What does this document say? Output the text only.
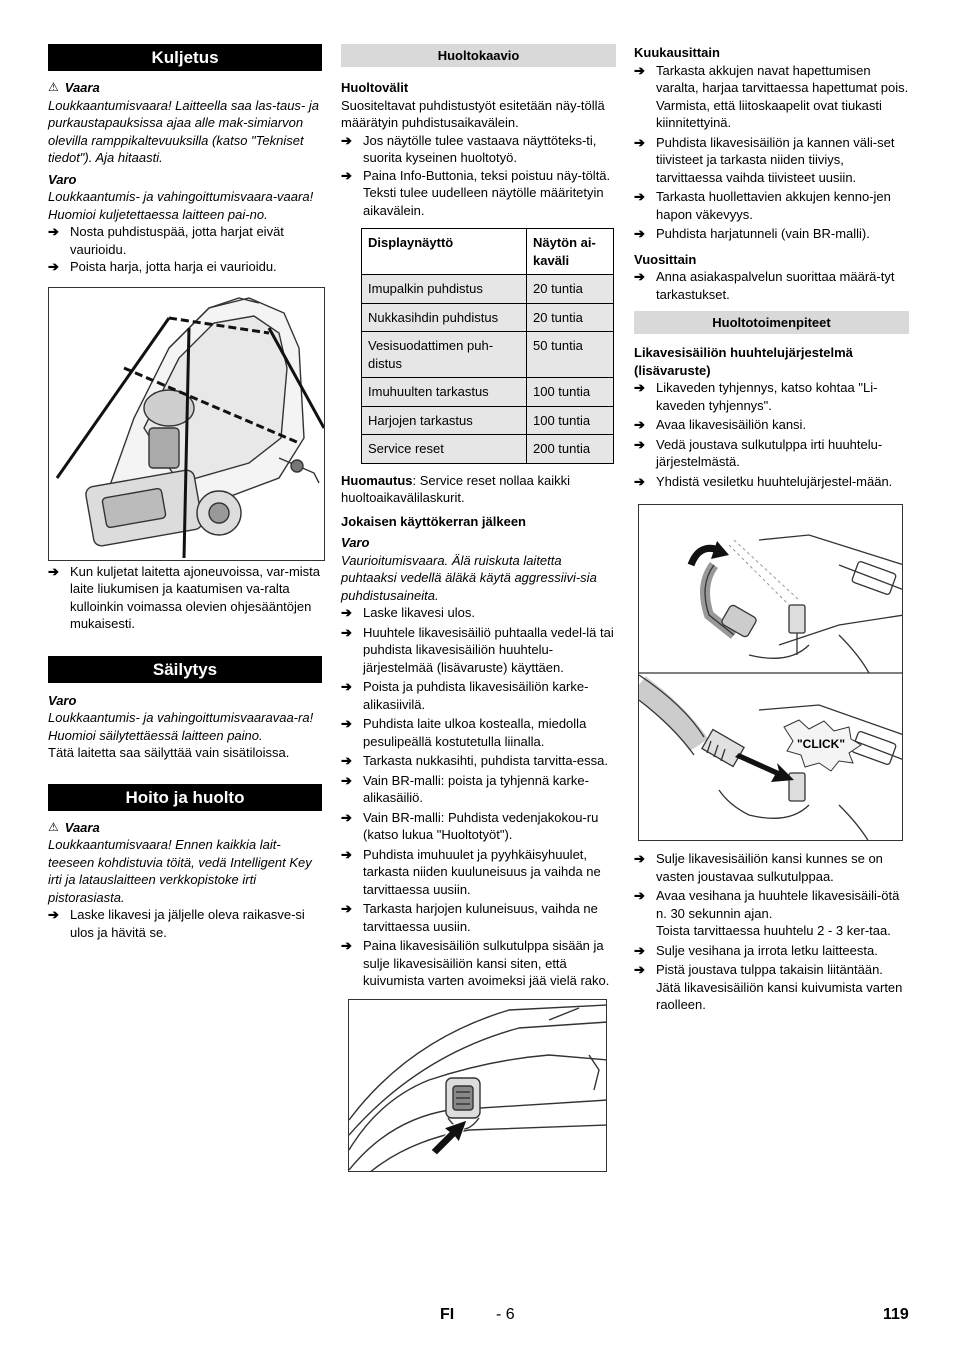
Kuljetus
⚠ Vaara

Loukkaantumisvaara! Laitteella saa las-taus- ja purkaustapauksissa ajaa alle mak-simiarvon olevilla ramppikaltevuuksilla (katso "Tekniset tiedot"). Aja hitaasti.

Varo

Loukkaantumis- ja vahingoittumisvaara-vaara! Huomioi kuljetettaessa laitteen pai-no.

➔ Nosta puhdistuspää, jotta harjat eivät vaurioidu.

➔ Poista harja, jotta harja ei vaurioidu.

➔ Kun kuljetat laitetta ajoneuvoissa, var-mista laite liukumisen ja kaatumisen va-ralta kulloinkin voimassa olevien ohjesääntöjen mukaisesti.

Säilytys

Varo

Loukkaantumis- ja vahingoittumisvaaravaa-ra! Huomioi säilytettäessä laitteen paino.

Tätä laitetta saa säilyttää vain sisätiloissa.

Hoito ja huolto
⚠ Vaara

Loukkaantumisvaara! Ennen kaikkia lait-teeseen kohdistuvia töitä, vedä Intelligent Key irti ja latauslaitteen verkkopistoke irti pistorasiasta.

➔ Laske likavesi ja jäljelle oleva raikasve-si ulos ja hävitä se.

Huoltokaavio

Huoltovälit

Suositeltavat puhdistustyöt esitetään näy-töllä määrätyin puhdistusaikavälein.

➔ Jos näytölle tulee vastaava näyttöteks-ti, suorita kyseinen huoltotyö.

➔ Paina Info-Buttonia, teksi poistuu näy-töltä. Teksti tulee uudelleen näytölle määritetyin aikavälein.

Displaynäyttö	Näytön ai-kaväli
Imupalkin puhdistus	20 tuntia
Nukkasihdin puhdistus	20 tuntia
Vesisuodattimen puh-distus	50 tuntia
Imuhuulten tarkastus	100 tuntia
Harjojen tarkastus	100 tuntia
Service reset	200 tuntia

Huomautus: Service reset nollaa kaikki huoltoaikavälilaskurit.

Jokaisen käyttökerran jälkeen

Varo

Vaurioitumisvaara. Älä ruiskuta laitetta puhtaaksi vedellä äläkä käytä aggressiivi-sia puhdistusaineita.

➔ Laske likavesi ulos.

➔ Huuhtele likavesisäiliö puhtaalla vedel-lä tai puhdista likavesisäiliön huuhtelu-järjestelmää (lisävaruste) käyttäen.

➔ Poista ja puhdista likavesisäiliön karke-alikasiivilä.

➔ Puhdista laite ulkoa kostealla, miedolla pesulipeällä kostutetulla liinalla.

➔ Tarkasta nukkasihti, puhdista tarvitta-essa.

➔ Vain BR-malli: poista ja tyhjennä karke-alikasäiliö.

➔ Vain BR-malli: Puhdista vedenjakokou-ru (katso lukua "Huoltotyöt").

➔ Puhdista imuhuulet ja pyyhkäisyhuulet, tarkasta niiden kuuluneisuus ja vaihda ne tarvittaessa uusiin.

➔ Tarkasta harjojen kuluneisuus, vaihda ne tarvittaessa uusiin.

➔ Paina likavesisäiliön sulkutulppa sisään ja sulje likavesisäiliön kansi siten, että kuivumista varten avoimeksi jää vielä rako.

Kuukausittain

➔ Tarkasta akkujen navat hapettumisen varalta, harjaa tarvittaessa hapettumat pois. Varmista, että liitoskaapelit ovat tiukasti kiinnitettyinä.

➔ Puhdista likavesisäiliön ja kannen väli-set tiivisteet ja tarkasta niiden tiiviys, tarvittaessa vaihda tiivisteet uusiin.

➔ Tarkasta huollettavien akkujen kenno-jen hapon väkevyys.

➔ Puhdista harjatunneli (vain BR-malli).

Vuosittain

➔ Anna asiakaspalvelun suorittaa määrä-tyt tarkastukset.

Huoltotoimenpiteet

Likavesisäiliön huuhtelujärjestelmä (lisävaruste)

➔ Likaveden tyhjennys, katso kohtaa "Li-kaveden tyhjennys".

➔ Avaa likavesisäiliön kansi.

➔ Vedä joustava sulkutulppa irti huuhtelu-järjestelmästä.

➔ Yhdistä vesiletku huuhtelujärjestel-mään.

"CLICK"

➔ Sulje likavesisäiliön kansi kunnes se on vasten joustavaa sulkutulppaa.

➔ Avaa vesihana ja huuhtele likavesisäili-ötä n. 30 sekunnin ajan.

Toista tarvittaessa huuhtelu 2 - 3 ker-taa.

➔ Sulje vesihana ja irrota letku laitteesta.

➔ Pistä joustava tulppa takaisin liitäntään. Jätä likavesisäiliön kansi kuivumista varten raolleen.

FI	- 6	119
